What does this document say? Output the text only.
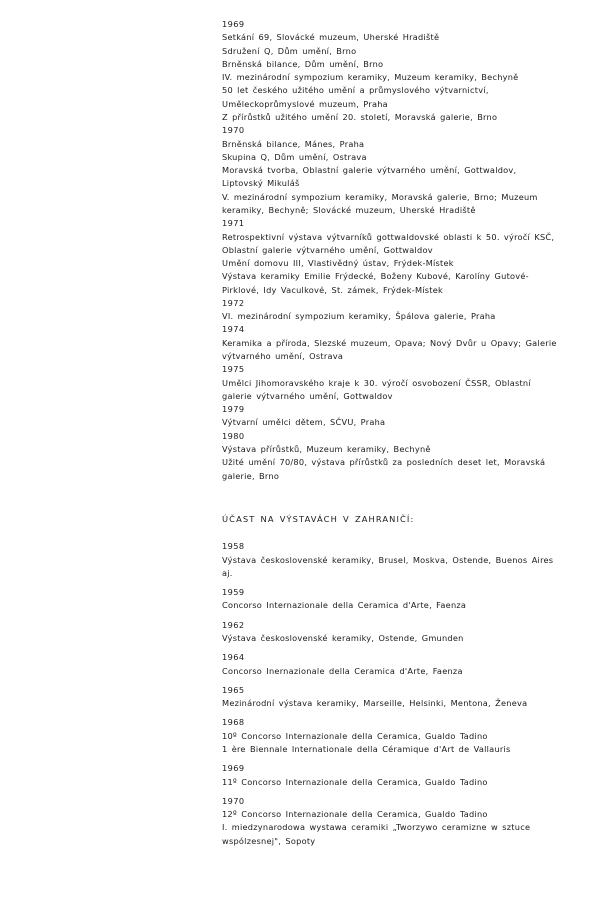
1969

Setkání 69, Slovácké muzeum, Uherské Hradiště

Sdružení Q, Dům umění, Brno

Brněnská bilance, Dům umění, Brno

IV. mezinárodní sympozium keramiky, Muzeum keramiky, Bechyně

50 let českého užitého umění a průmyslového výtvarnictví, Uměleckoprůmyslové muzeum, Praha

Z přírůstků užitého umění 20. století, Moravská galerie, Brno

1970

Brněnská bilance, Mánes, Praha

Skupina Q, Dům umění, Ostrava

Moravská tvorba, Oblastní galerie výtvarného umění, Gottwaldov, Liptovský Mikuláš

V. mezinárodní sympozium keramiky, Moravská galerie, Brno; Muzeum keramiky, Bechyně; Slovácké muzeum, Uherské Hradiště

1971

Retrospektivní výstava výtvarníků gottwaldovské oblasti k 50. výročí KSČ, Oblastní galerie výtvarného umění, Gottwaldov

Umění domovu III, Vlastivědný ústav, Frýdek-Místek

Výstava keramiky Emilie Frýdecké, Boženy Kubové, Karolíny Gutové-Pirklové, Idy Vaculkové, St. zámek, Frýdek-Místek

1972

VI. mezinárodní sympozium keramiky, Špálova galerie, Praha

1974

Keramika a příroda, Slezské muzeum, Opava; Nový Dvůr u Opavy; Galerie výtvarného umění, Ostrava

1975

Umělci Jihomoravského kraje k 30. výročí osvobození ČSSR, Oblastní galerie výtvarného umění, Gottwaldov

1979

Výtvarní umělci dětem, SČVU, Praha

1980

Výstava přírůstků, Muzeum keramiky, Bechyně

Užité umění 70/80, výstava přírůstků za posledních deset let, Moravská galerie, Brno

ÚČAST NA VÝSTAVÁCH V ZAHRANIČÍ:

1958

Výstava československé keramiky, Brusel, Moskva, Ostende, Buenos Aires aj.

1959

Concorso Internazionale della Ceramica d'Arte, Faenza

1962

Výstava československé keramiky, Ostende, Gmunden

1964

Concorso Inernazionale della Ceramica d'Arte, Faenza

1965

Mezinárodní výstava keramiky, Marseille, Helsinki, Mentona, Ženeva

1968

10º Concorso Internazionale della Ceramica, Gualdo Tadino

1 ère Biennale Internationale della Céramique d'Art de Vallauris

1969

11º Concorso Internazionale della Ceramica, Gualdo Tadino

1970

12º Concorso Internazionale della Ceramica, Gualdo Tadino

I. miedzynarodowa wystawa ceramiki „Tworzywo ceramizne w sztuce wspólzesnej", Sopoty
